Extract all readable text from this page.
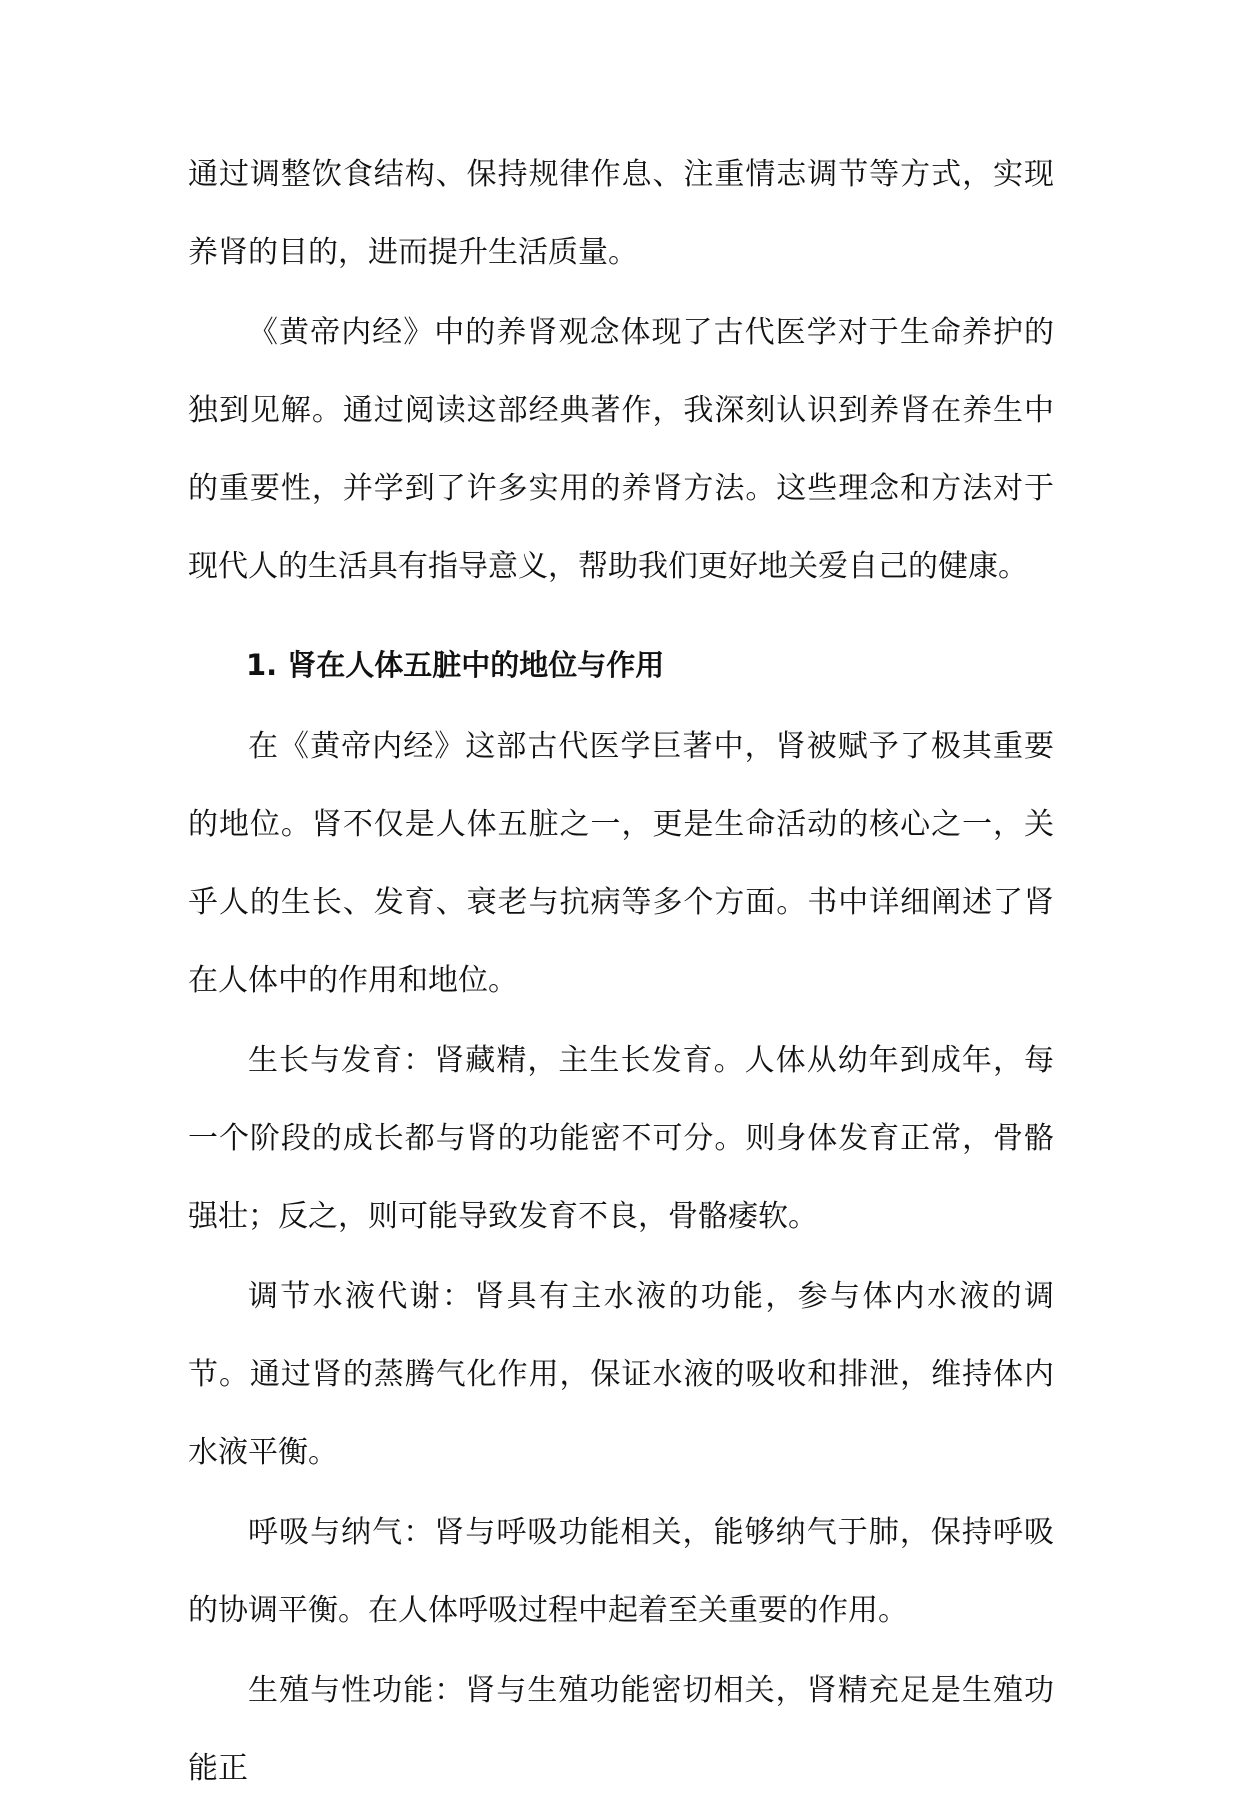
通过调整饮食结构、保持规律作息、注重情志调节等方式，实现养肾的目的，进而提升生活质量。

《黄帝内经》中的养肾观念体现了古代医学对于生命养护的独到见解。通过阅读这部经典著作，我深刻认识到养肾在养生中的重要性，并学到了许多实用的养肾方法。这些理念和方法对于现代人的生活具有指导意义，帮助我们更好地关爱自己的健康。

1. 肾在人体五脏中的地位与作用

在《黄帝内经》这部古代医学巨著中，肾被赋予了极其重要的地位。肾不仅是人体五脏之一，更是生命活动的核心之一，关乎人的生长、发育、衰老与抗病等多个方面。书中详细阐述了肾在人体中的作用和地位。

生长与发育：肾藏精，主生长发育。人体从幼年到成年，每一个阶段的成长都与肾的功能密不可分。则身体发育正常，骨骼强壮；反之，则可能导致发育不良，骨骼痿软。

调节水液代谢：肾具有主水液的功能，参与体内水液的调节。通过肾的蒸腾气化作用，保证水液的吸收和排泄，维持体内水液平衡。

呼吸与纳气：肾与呼吸功能相关，能够纳气于肺，保持呼吸的协调平衡。在人体呼吸过程中起着至关重要的作用。

生殖与性功能：肾与生殖功能密切相关，肾精充足是生殖功能正
